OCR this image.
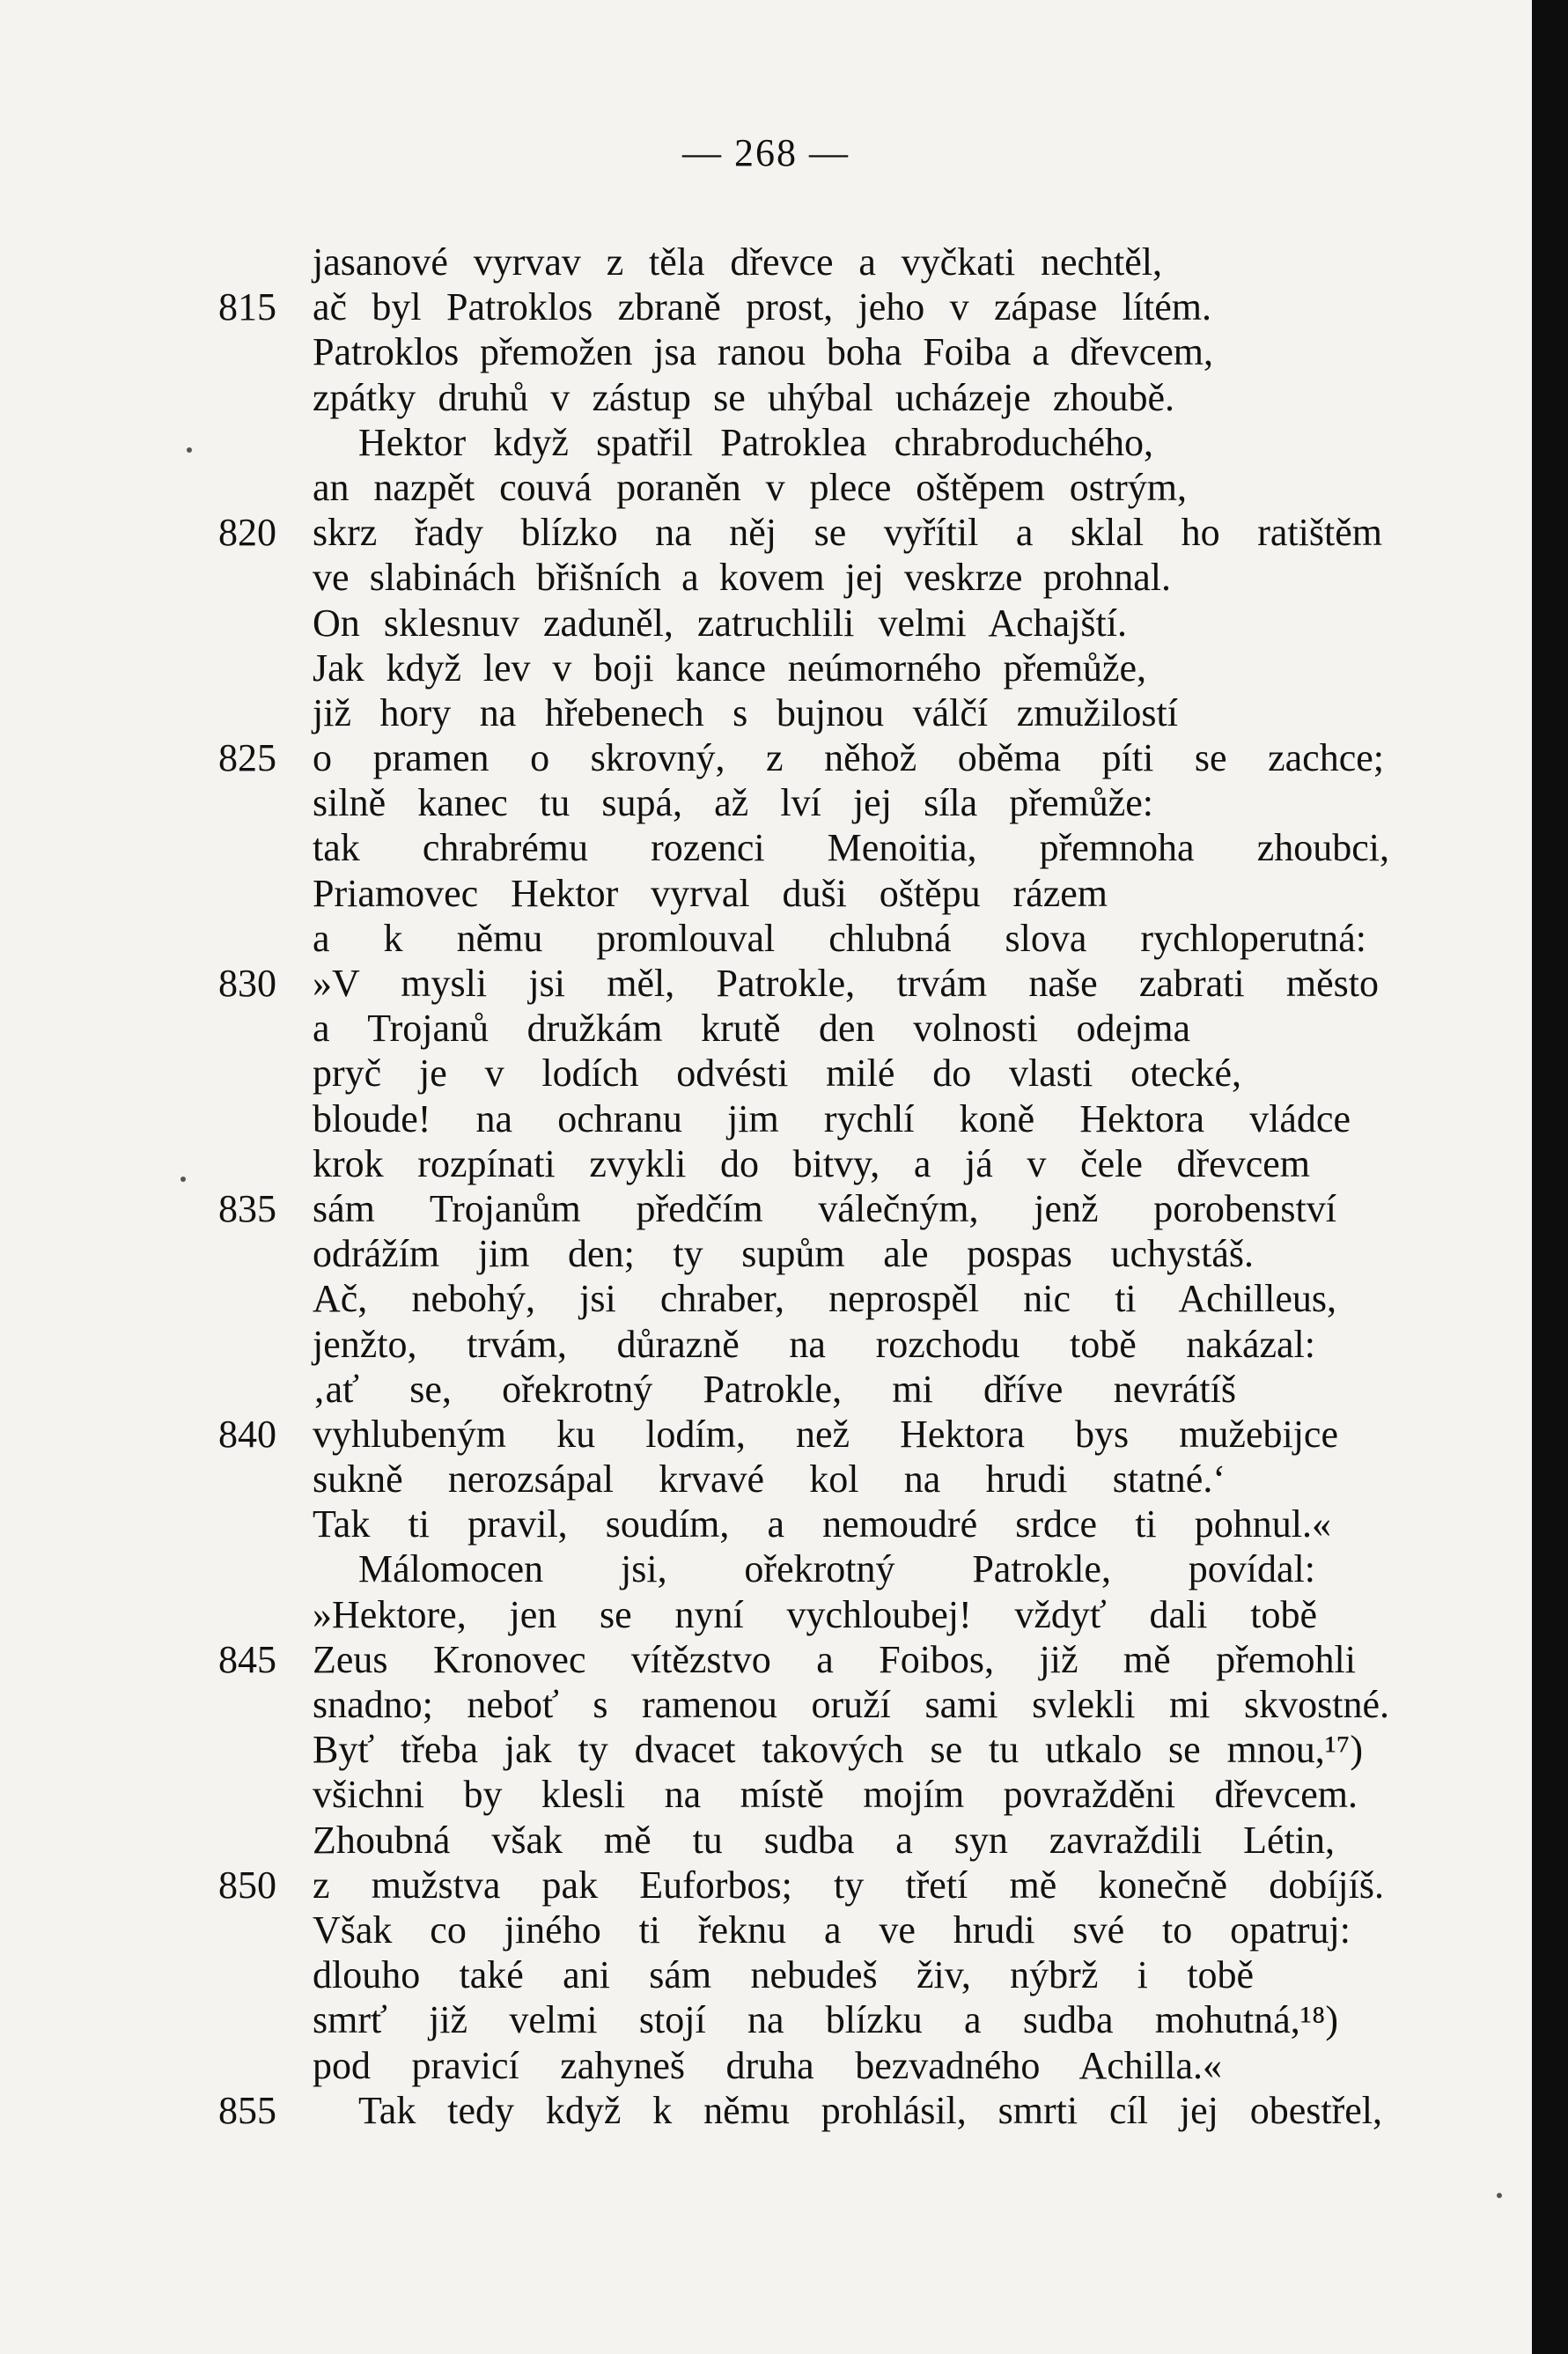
— 268 —
jasanové vyrvav z těla dřevce a vyčkati nechtěl,
815 ač byl Patroklos zbraně prost, jeho v zápase lítém.
Patroklos přemožen jsa ranou boha Foiba a dřevcem,
zpátky druhů v zástup se uhýbal ucházeje zhoubě.
Hektor když spatřil Patroklea chrabroduchého,
an nazpět couvá poraněn v plece oštěpem ostrým,
820 skrz řady blízko na něj se vyřítil a sklal ho ratištěm
ve slabinách břišních a kovem jej veskrze prohnal.
On sklesnuv zaduněl, zatruchlili velmi Achajští.
Jak když lev v boji kance neúmorného přemůže,
již hory na hřebenech s bujnou válčí zmužilostí
825 o pramen o skrovný, z něhož oběma píti se zachce;
silně kanec tu supá, až lví jej síla přemůže:
tak chrabrému rozenci Menoitia, přemnoha zhoubci,
Priamovec Hektor vyrval duši oštěpu rázem
a k němu promlouval chlubná slova rychloperutná:
830 »V mysli jsi měl, Patrokle, trvám naše zabrati město
a Trojanů družkám krutě den volnosti odejma
pryč je v lodích odvésti milé do vlasti otecké,
bloude! na ochranu jim rychlí koně Hektora vládce
krok rozpínati zvykli do bitvy, a já v čele dřevcem
835 sám Trojanům předčím válečným, jenž porobenství
odrážím jim den; ty supům ale pospas uchystáš.
Ač, nebohý, jsi chraber, neprospěl nic ti Achilleus,
jenžto, trvám, důrazně na rozchodu tobě nakázal:
‚ať se, ořekrotný Patrokle, mi dříve nevrátíš
840 vyhlubeným ku lodím, než Hektora bys mužebijce
sukně nerozsápal krvavé kol na hrudi statné.‘
Tak ti pravil, soudím, a nemoudré srdce ti pohnul.«
Málomocen jsi, ořekrotný Patrokle, povídal:
»Hektore, jen se nyní vychloubej! vždyť dali tobě
845 Zeus Kronovec vítězstvo a Foibos, již mě přemohli
snadno; neboť s ramenou oruží sami svlekli mi skvostné.
Byť třeba jak ty dvacet takových se tu utkalo se mnou,¹⁷)
všichni by klesli na místě mojím povražděni dřevcem.
Zhoubná však mě tu sudba a syn zavraždili Létin,
850 z mužstva pak Euforbos; ty třetí mě konečně dobíjíš.
Však co jiného ti řeknu a ve hrudi své to opatruj:
dlouho také ani sám nebudeš živ, nýbrž i tobě
smrť již velmi stojí na blízku a sudba mohutná,¹⁸)
pod pravicí zahyneš druha bezvadného Achilla.«
855	Tak tedy když k němu prohlásil, smrti cíl jej obestřel,
